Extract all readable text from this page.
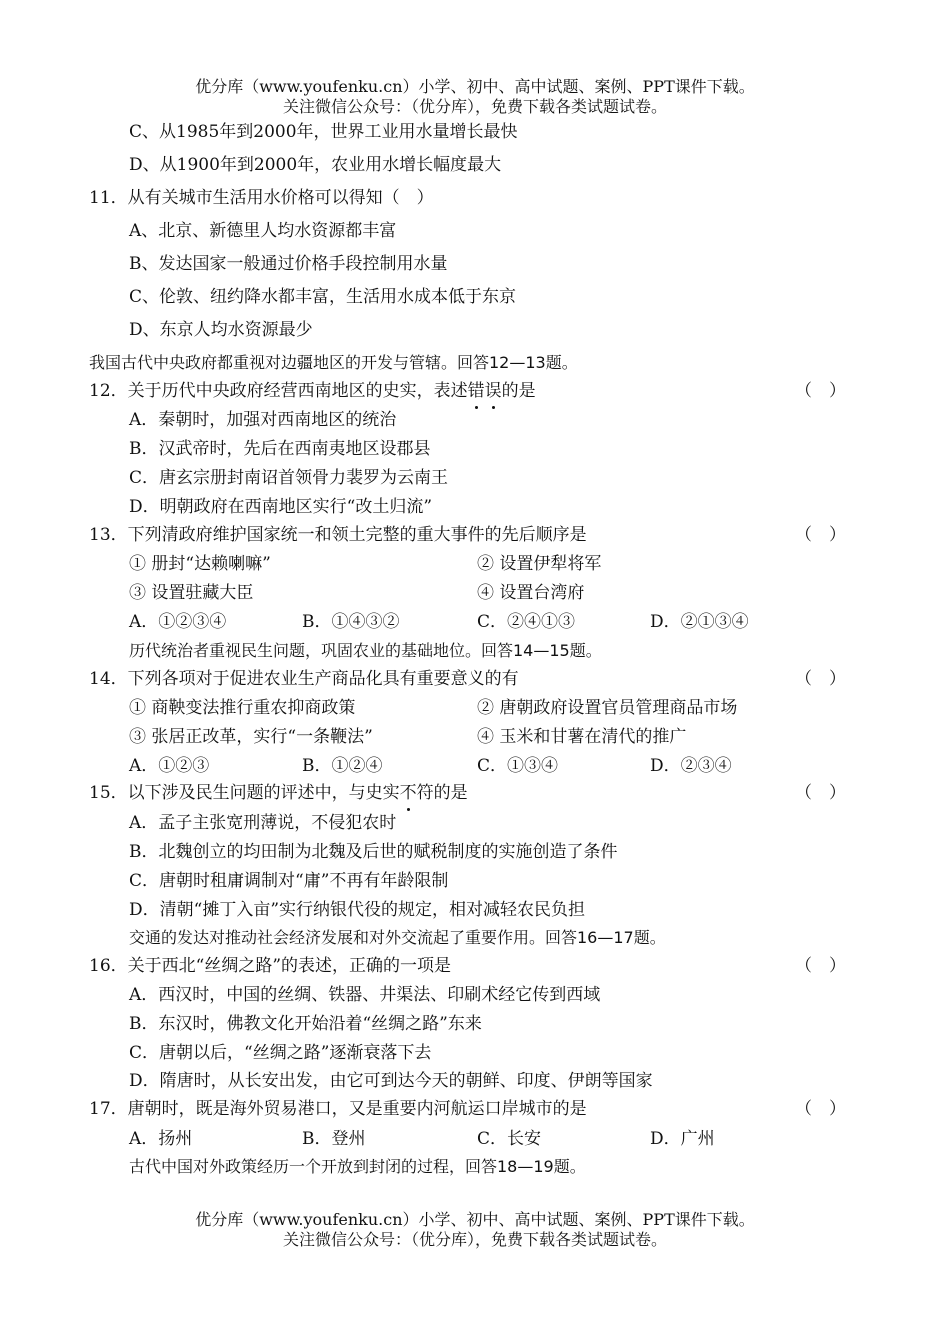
优分库（www.youfenku.cn）小学、初中、高中试题、案例、PPT课件下载。
关注微信公众号：（优分库），免费下载各类试题试卷。
C、从1985年到2000年，世界工业用水量增长最快
D、从1900年到2000年，农业用水增长幅度最大
11．从有关城市生活用水价格可以得知（　）
A、北京、新德里人均水资源都丰富
B、发达国家一般通过价格手段控制用水量
C、伦敦、纽约降水都丰富，生活用水成本低于东京
D、东京人均水资源最少
我国古代中央政府都重视对边疆地区的开发与管辖。回答12—13题。
12．关于历代中央政府经营西南地区的史实，表述错误的是	（　）
A．秦朝时，加强对西南地区的统治
B．汉武帝时，先后在西南夷地区设郡县
C．唐玄宗册封南诏首领骨力裴罗为云南王
D．明朝政府在西南地区实行“改土归流”
13．下列清政府维护国家统一和领土完整的重大事件的先后顺序是	（　）
① 册封“达赖喇嘛”	② 设置伊犁将军
③ 设置驻藏大臣	④ 设置台湾府
A．①②③④	B．①④③②	C．②④①③	D．②①③④
历代统治者重视民生问题，巩固农业的基础地位。回答14—15题。
14．下列各项对于促进农业生产商品化具有重要意义的有	（　）
① 商鞅变法推行重农抑商政策	② 唐朝政府设置官员管理商品市场
③ 张居正改革，实行“一条鞭法”	④ 玉米和甘薯在清代的推广
A．①②③	B．①②④	C．①③④	D．②③④
15．以下涉及民生问题的评述中，与史实不符的是	（　）
A．孟子主张宽刑薄说，不侵犯农时
B．北魏创立的均田制为北魏及后世的赋税制度的实施创造了条件
C．唐朝时租庸调制对“庸”不再有年龄限制
D．清朝“摊丁入亩”实行纳银代役的规定，相对减轻农民负担
交通的发达对推动社会经济发展和对外交流起了重要作用。回答16—17题。
16．关于西北“丝绸之路”的表述，正确的一项是	（　）
A．西汉时，中国的丝绸、铁器、井渠法、印刷术经它传到西域
B．东汉时，佛教文化开始沿着“丝绸之路”东来
C．唐朝以后，“丝绸之路”逐渐衰落下去
D．隋唐时，从长安出发，由它可到达今天的朝鲜、印度、伊朗等国家
17．唐朝时，既是海外贸易港口，又是重要内河航运口岸城市的是	（　）
A．扬州	B．登州	C．长安	D．广州
古代中国对外政策经历一个开放到封闭的过程，回答18—19题。
优分库（www.youfenku.cn）小学、初中、高中试题、案例、PPT课件下载。
关注微信公众号：（优分库），免费下载各类试题试卷。
